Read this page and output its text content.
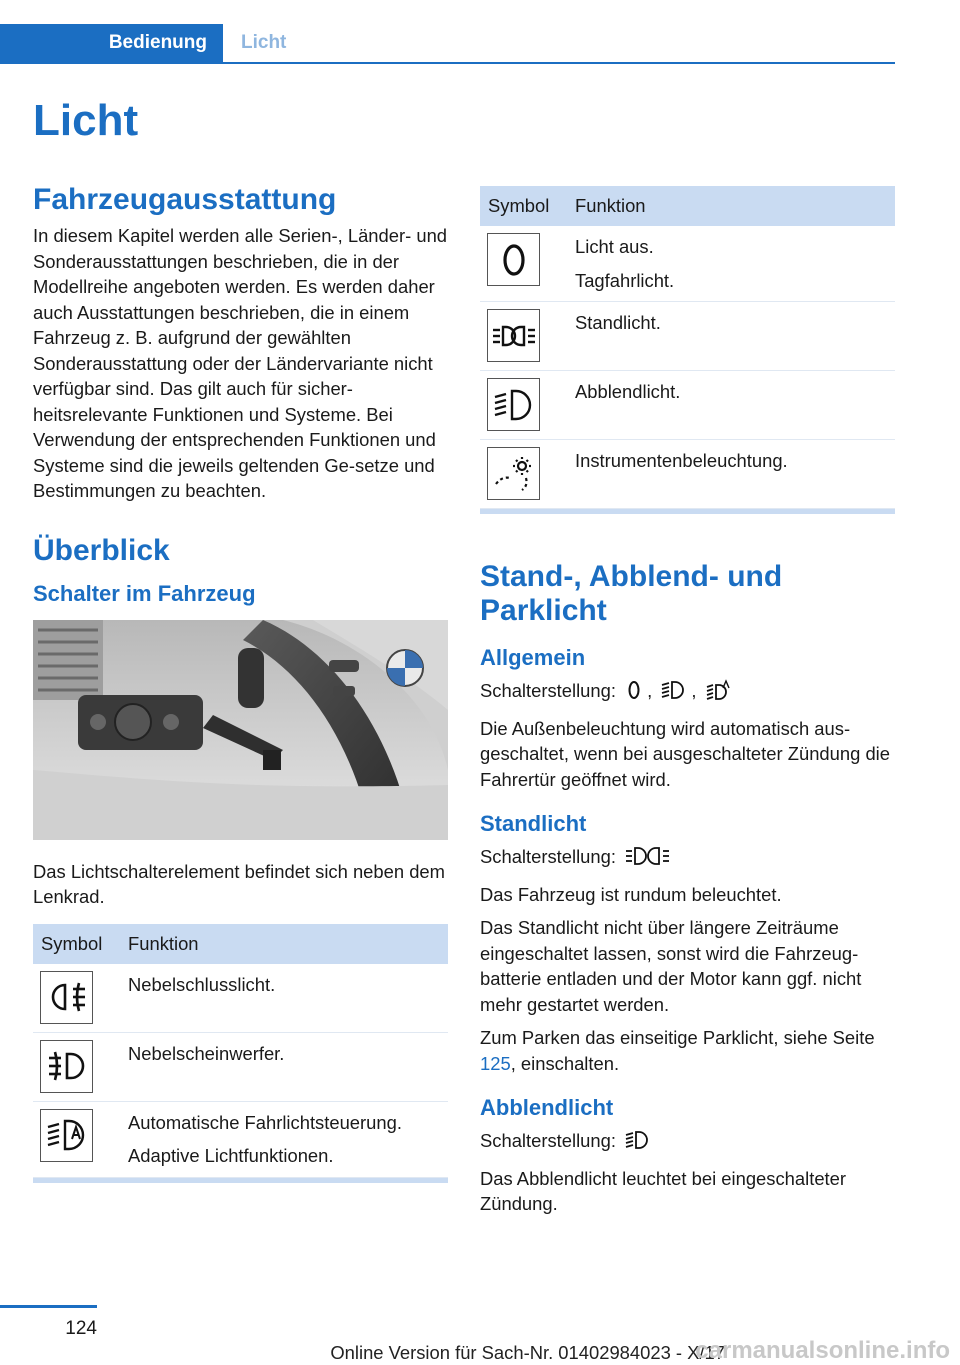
Bedienung	Licht
Licht
Fahrzeugausstattung

In diesem Kapitel werden alle Serien-, Länder- und Sonderausstattungen beschrieben, die in der Modellreihe angeboten werden. Es werden daher auch Ausstattungen beschrieben, die in einem Fahrzeug z. B. aufgrund der gewählten Sonderausstattung oder der Ländervariante nicht verfügbar sind. Das gilt auch für sicher-heitsrelevante Funktionen und Systeme. Bei Verwendung der entsprechenden Funktionen und Systeme sind die jeweils geltenden Ge-setze und Bestimmungen zu beachten.

Überblick
Schalter im Fahrzeug

Das Lichtschalterelement befindet sich neben dem Lenkrad.

Symbol	Funktion

Nebelschlusslicht.

Nebelscheinwerfer.

Automatische Fahrlichtsteuerung.
Adaptive Lichtfunktionen.
Symbol	Funktion

Licht aus.
Tagfahrlicht.

Standlicht.

Abblendlicht.

Instrumentenbeleuchtung.
Stand-, Abblend- und Parklicht
Allgemein

Schalterstellung: , ,

Die Außenbeleuchtung wird automatisch aus-geschaltet, wenn bei ausgeschalteter Zündung die Fahrertür geöffnet wird.

Standlicht

Schalterstellung:

Das Fahrzeug ist rundum beleuchtet.

Das Standlicht nicht über längere Zeiträume eingeschaltet lassen, sonst wird die Fahrzeug-batterie entladen und der Motor kann ggf. nicht mehr gestartet werden.

Zum Parken das einseitige Parklicht, siehe Seite 125, einschalten.

Abblendlicht

Schalterstellung:

Das Abblendlicht leuchtet bei eingeschalteter Zündung.

124
Online Version für Sach-Nr. 01402984023 - X/17
carmanualsonline.info
